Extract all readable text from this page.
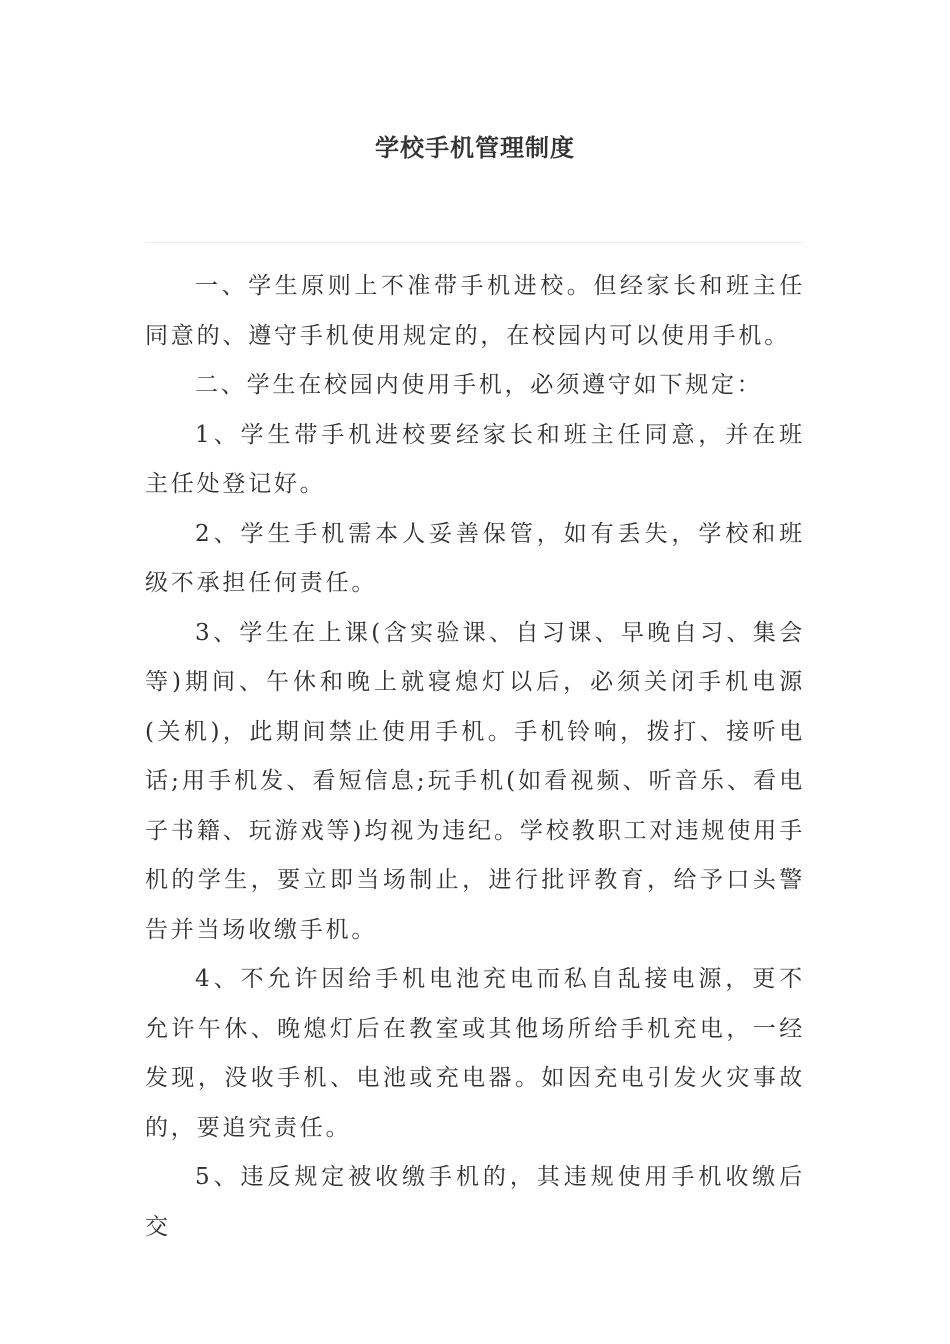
学校手机管理制度

一、学生原则上不准带手机进校。但经家长和班主任同意的、遵守手机使用规定的，在校园内可以使用手机。

二、学生在校园内使用手机，必须遵守如下规定：

1、学生带手机进校要经家长和班主任同意，并在班主任处登记好。

2、学生手机需本人妥善保管，如有丢失，学校和班级不承担任何责任。

3、学生在上课(含实验课、自习课、早晚自习、集会等)期间、午休和晚上就寝熄灯以后，必须关闭手机电源(关机)，此期间禁止使用手机。手机铃响，拨打、接听电话;用手机发、看短信息;玩手机(如看视频、听音乐、看电子书籍、玩游戏等)均视为违纪。学校教职工对违规使用手机的学生，要立即当场制止，进行批评教育，给予口头警告并当场收缴手机。

4、不允许因给手机电池充电而私自乱接电源，更不允许午休、晚熄灯后在教室或其他场所给手机充电，一经发现，没收手机、电池或充电器。如因充电引发火灾事故的，要追究责任。

5、违反规定被收缴手机的，其违规使用手机收缴后交
